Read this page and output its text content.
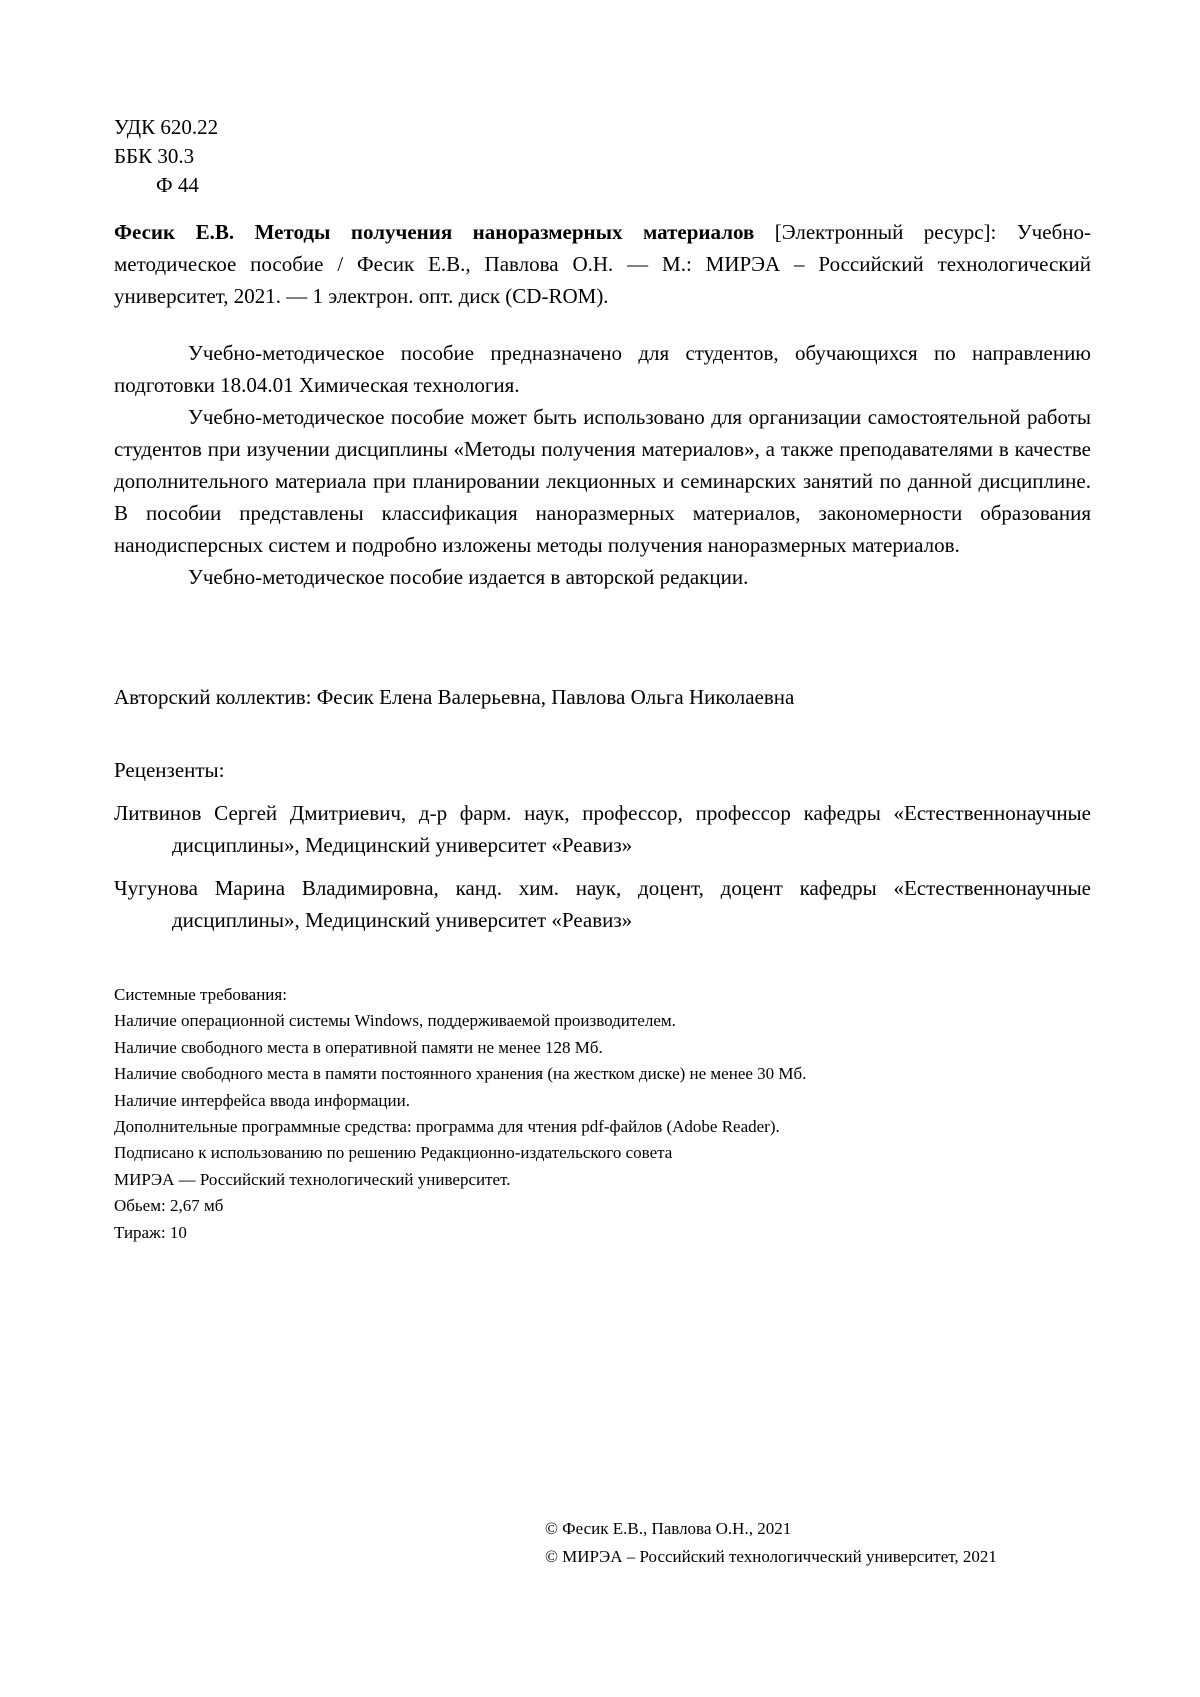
УДК 620.22
ББК 30.3
Ф 44
Фесик Е.В. Методы получения наноразмерных материалов [Электронный ресурс]: Учебно-методическое пособие / Фесик Е.В., Павлова О.Н. — М.: МИРЭА – Российский технологический университет, 2021. — 1 электрон. опт. диск (CD-ROM).

Учебно-методическое пособие предназначено для студентов, обучающихся по направлению подготовки 18.04.01 Химическая технология.

Учебно-методическое пособие может быть использовано для организации самостоятельной работы студентов при изучении дисциплины «Методы получения материалов», а также преподавателями в качестве дополнительного материала при планировании лекционных и семинарских занятий по данной дисциплине. В пособии представлены классификация наноразмерных материалов, закономерности образования нанодисперсных систем и подробно изложены методы получения наноразмерных материалов.

Учебно-методическое пособие издается в авторской редакции.

Авторский коллектив: Фесик Елена Валерьевна, Павлова Ольга Николаевна
Рецензенты:
Литвинов Сергей Дмитриевич, д-р фарм. наук, профессор, профессор кафедры «Естественнонаучные дисциплины», Медицинский университет «Реавиз»
Чугунова Марина Владимировна, канд. хим. наук, доцент, доцент кафедры «Естественнонаучные дисциплины», Медицинский университет «Реавиз»
Системные требования:
Наличие операционной системы Windows, поддерживаемой производителем.
Наличие свободного места в оперативной памяти не менее 128 Мб.
Наличие свободного места в памяти постоянного хранения (на жестком диске) не менее 30 Мб.
Наличие интерфейса ввода информации.
Дополнительные программные средства: программа для чтения pdf-файлов (Adobe Reader).
Подписано к использованию по решению Редакционно-издательского совета
МИРЭА — Российский технологический университет.
Обьем: 2,67 мб
Тираж: 10
© Фесик Е.В., Павлова О.Н., 2021
© МИРЭА – Российский технологичческий университет, 2021
